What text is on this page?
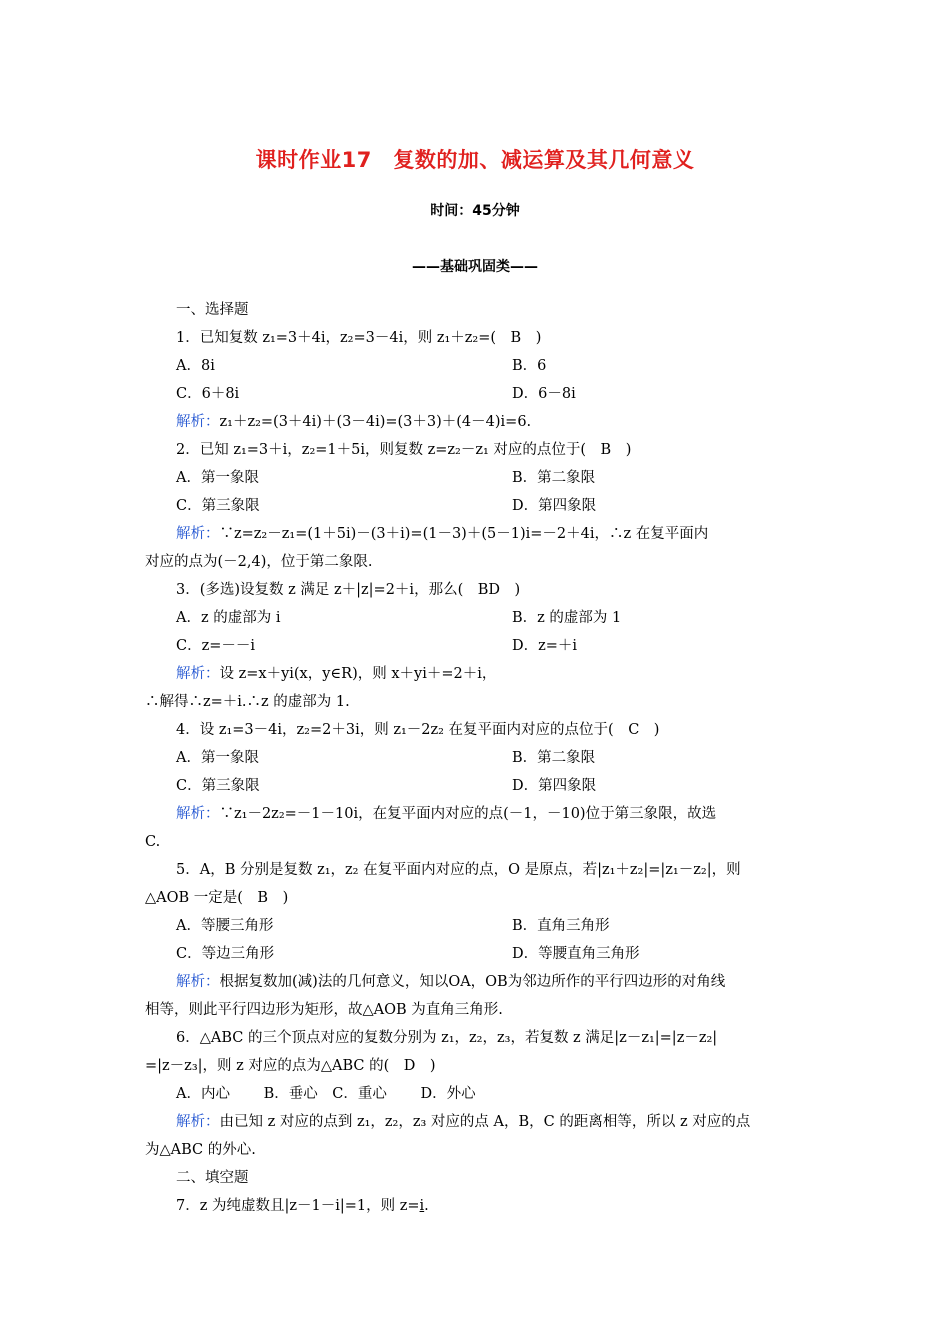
课时作业17　复数的加、减运算及其几何意义
时间：45分钟
——基础巩固类——
一、选择题
1．已知复数 z₁=3＋4i，z₂=3－4i，则 z₁＋z₂=(　B　)
A．8i	B．6
C．6＋8i	D．6－8i
解析：z₁＋z₂=(3＋4i)＋(3－4i)=(3＋3)＋(4－4)i=6.
2．已知 z₁=3＋i，z₂=1＋5i，则复数 z=z₂－z₁ 对应的点位于(　B　)
A．第一象限	B．第二象限
C．第三象限	D．第四象限
解析：∵z=z₂－z₁=(1＋5i)－(3＋i)=(1－3)＋(5－1)i=－2＋4i，∴z 在复平面内
对应的点为(－2,4)，位于第二象限.
3．(多选)设复数 z 满足 z＋|z|=2＋i，那么(　BD　)
A．z 的虚部为 i	B．z 的虚部为 1
C．z=－－i	D．z=＋i
解析：设 z=x＋yi(x，y∈R)，则 x＋yi＋=2＋i，
∴解得∴z=＋i.∴z 的虚部为 1.
4．设 z₁=3－4i，z₂=2＋3i，则 z₁－2z₂ 在复平面内对应的点位于(　C　)
A．第一象限	B．第二象限
C．第三象限	D．第四象限
解析：∵z₁－2z₂=－1－10i，在复平面内对应的点(－1，－10)位于第三象限，故选
C.
5．A，B 分别是复数 z₁，z₂ 在复平面内对应的点，O 是原点，若|z₁＋z₂|=|z₁－z₂|，则
△AOB 一定是(　B　)
A．等腰三角形	B．直角三角形
C．等边三角形	D．等腰直角三角形
解析：根据复数加(减)法的几何意义，知以OA，OB为邻边所作的平行四边形的对角线
相等，则此平行四边形为矩形，故△AOB 为直角三角形.
6．△ABC 的三个顶点对应的复数分别为 z₁，z₂，z₃，若复数 z 满足|z－z₁|=|z－z₂|
=|z－z₃|，则 z 对应的点为△ABC 的(　D　)
A．内心　　 B．垂心　C．重心　　 D．外心
解析：由已知 z 对应的点到 z₁，z₂，z₃ 对应的点 A，B，C 的距离相等，所以 z 对应的点
为△ABC 的外心.
二、填空题
7．z 为纯虚数且|z－1－i|=1，则 z=i.
